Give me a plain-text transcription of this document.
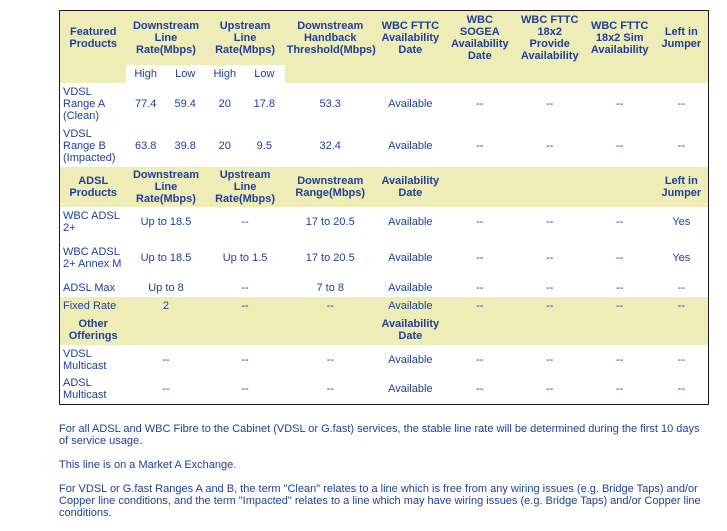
Featured Products	Downstream Line Rate(Mbps)		Upstream Line Rate(Mbps)		Downstream Handback Threshold(Mbps)	WBC FTTC Availability Date	WBC SOGEA Availability Date	WBC FTTC 18x2 Provide Availability	WBC FTTC 18x2 Sim Availability	Left in Jumper
	High	Low	High	Low						
VDSL Range A (Clean)	77.4	59.4	20	17.8	53.3	Available	--	--	--	--
VDSL Range B (Impacted)	63.8	39.8	20	9.5	32.4	Available	--	--	--	--
ADSL Products	Downstream Line Rate(Mbps)		Upstream Line Rate(Mbps)		Downstream Range(Mbps)	Availability Date				Left in Jumper
WBC ADSL 2+	Up to 18.5		--		17 to 20.5	Available	--	--	--	Yes
WBC ADSL 2+ Annex M	Up to 18.5		Up to 1.5		17 to 20.5	Available	--	--	--	Yes
ADSL Max	Up to 8		--		7 to 8	Available	--	--	--	--
Fixed Rate	2		--		--	Available	--	--	--	--
Other Offerings						Availability Date				
VDSL Multicast	--		--		--	Available	--	--	--	--
ADSL Multicast	--		--		--	Available	--	--	--	--

For all ADSL and WBC Fibre to the Cabinet (VDSL or G.fast) services, the stable line rate will be determined during the first 10 days of service usage.

This line is on a Market A Exchange.

For VDSL or G.fast Ranges A and B, the term "Clean" relates to a line which is free from any wiring issues (e.g. Bridge Taps) and/or Copper line conditions, and the term "Impacted" relates to a line which may have wiring issues (e.g. Bridge Taps) and/or Copper line conditions.
